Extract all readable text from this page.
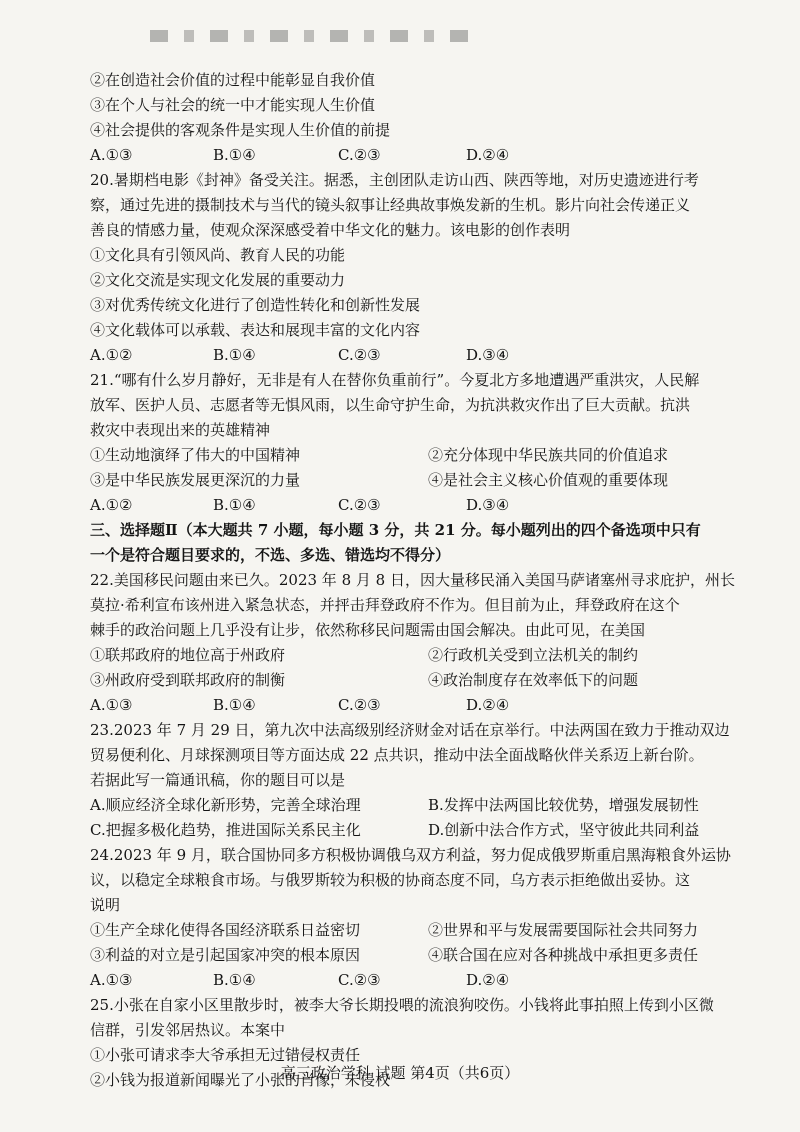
②在创造社会价值的过程中能彰显自我价值
③在个人与社会的统一中才能实现人生价值
④社会提供的客观条件是实现人生价值的前提
A.①③	B.①④	C.②③	D.②④
20.暑期档电影《封神》备受关注。据悉，主创团队走访山西、陕西等地，对历史遗迹进行考
察，通过先进的摄制技术与当代的镜头叙事让经典故事焕发新的生机。影片向社会传递正义
善良的情感力量，使观众深深感受着中华文化的魅力。该电影的创作表明
①文化具有引领风尚、教育人民的功能
②文化交流是实现文化发展的重要动力
③对优秀传统文化进行了创造性转化和创新性发展
④文化载体可以承载、表达和展现丰富的文化内容
A.①②	B.①④	C.②③	D.③④
21.“哪有什么岁月静好，无非是有人在替你负重前行”。今夏北方多地遭遇严重洪灾，人民解
放军、医护人员、志愿者等无惧风雨，以生命守护生命，为抗洪救灾作出了巨大贡献。抗洪
救灾中表现出来的英雄精神
①生动地演绎了伟大的中国精神	②充分体现中华民族共同的价值追求
③是中华民族发展更深沉的力量	④是社会主义核心价值观的重要体现
A.①②	B.①④	C.②③	D.③④
三、选择题Ⅱ（本大题共 7 小题，每小题 3 分，共 21 分。每小题列出的四个备选项中只有
一个是符合题目要求的，不选、多选、错选均不得分）
22.美国移民问题由来已久。2023 年 8 月 8 日，因大量移民涌入美国马萨诸塞州寻求庇护，州长
莫拉·希利宣布该州进入紧急状态，并抨击拜登政府不作为。但目前为止，拜登政府在这个
棘手的政治问题上几乎没有让步，依然称移民问题需由国会解决。由此可见，在美国
①联邦政府的地位高于州政府	②行政机关受到立法机关的制约
③州政府受到联邦政府的制衡	④政治制度存在效率低下的问题
A.①③	B.①④	C.②③	D.②④
23.2023 年 7 月 29 日，第九次中法高级别经济财金对话在京举行。中法两国在致力于推动双边
贸易便利化、月球探测项目等方面达成 22 点共识，推动中法全面战略伙伴关系迈上新台阶。
若据此写一篇通讯稿，你的题目可以是
A.顺应经济全球化新形势，完善全球治理	B.发挥中法两国比较优势，增强发展韧性
C.把握多极化趋势，推进国际关系民主化	D.创新中法合作方式，坚守彼此共同利益
24.2023 年 9 月，联合国协同多方积极协调俄乌双方利益，努力促成俄罗斯重启黑海粮食外运协
议，以稳定全球粮食市场。与俄罗斯较为积极的协商态度不同，乌方表示拒绝做出妥协。这
说明
①生产全球化使得各国经济联系日益密切	②世界和平与发展需要国际社会共同努力
③利益的对立是引起国家冲突的根本原因	④联合国在应对各种挑战中承担更多责任
A.①③	B.①④	C.②③	D.②④
25.小张在自家小区里散步时，被李大爷长期投喂的流浪狗咬伤。小钱将此事拍照上传到小区微
信群，引发邻居热议。本案中
①小张可请求李大爷承担无过错侵权责任
②小钱为报道新闻曝光了小张的肖像，未侵权
高三政治学科 试题 第4页（共6页）
